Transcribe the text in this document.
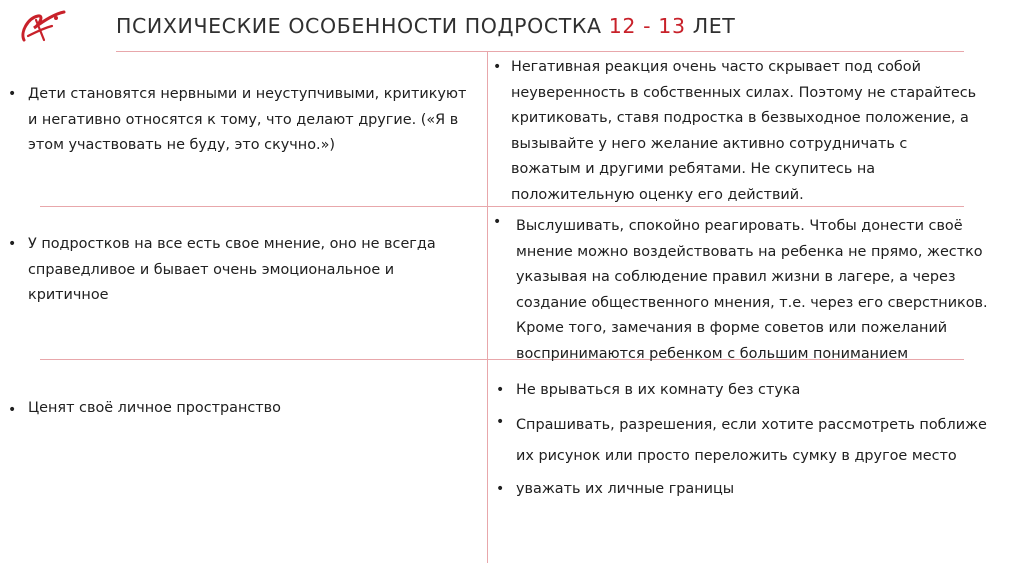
ПСИХИЧЕСКИЕ ОСОБЕННОСТИ ПОДРОСТКА 12 - 13 ЛЕТ
• Дети становятся нервными и неуступчивыми, критикуют
и негативно относятся к тому, что делают другие. («Я в
этом участвовать не буду, это скучно.»)
• Негативная реакция очень часто скрывает под собой
неуверенность в собственных силах. Поэтому не старайтесь
критиковать, ставя подростка в безвыходное положение, а
вызывайте у него желание активно сотрудничать с
вожатым и другими ребятами. Не скупитесь на
положительную оценку его действий.
• У подростков на все есть свое мнение, оно не всегда
справедливое и бывает очень эмоциональное и
критичное
• Выслушивать, спокойно реагировать. Чтобы донести своё
мнение можно воздействовать на ребенка не прямо, жестко
указывая на соблюдение правил жизни в лагере, а через
создание общественного мнения, т.е. через его сверстников.
Кроме того, замечания в форме советов или пожеланий
воспринимаются ребенком с большим пониманием
• Ценят своё личное пространство
• Не врываться в их комнату без стука
• Спрашивать, разрешения, если хотите рассмотреть поближе
их рисунок или просто переложить сумку в другое место
• уважать их личные границы
